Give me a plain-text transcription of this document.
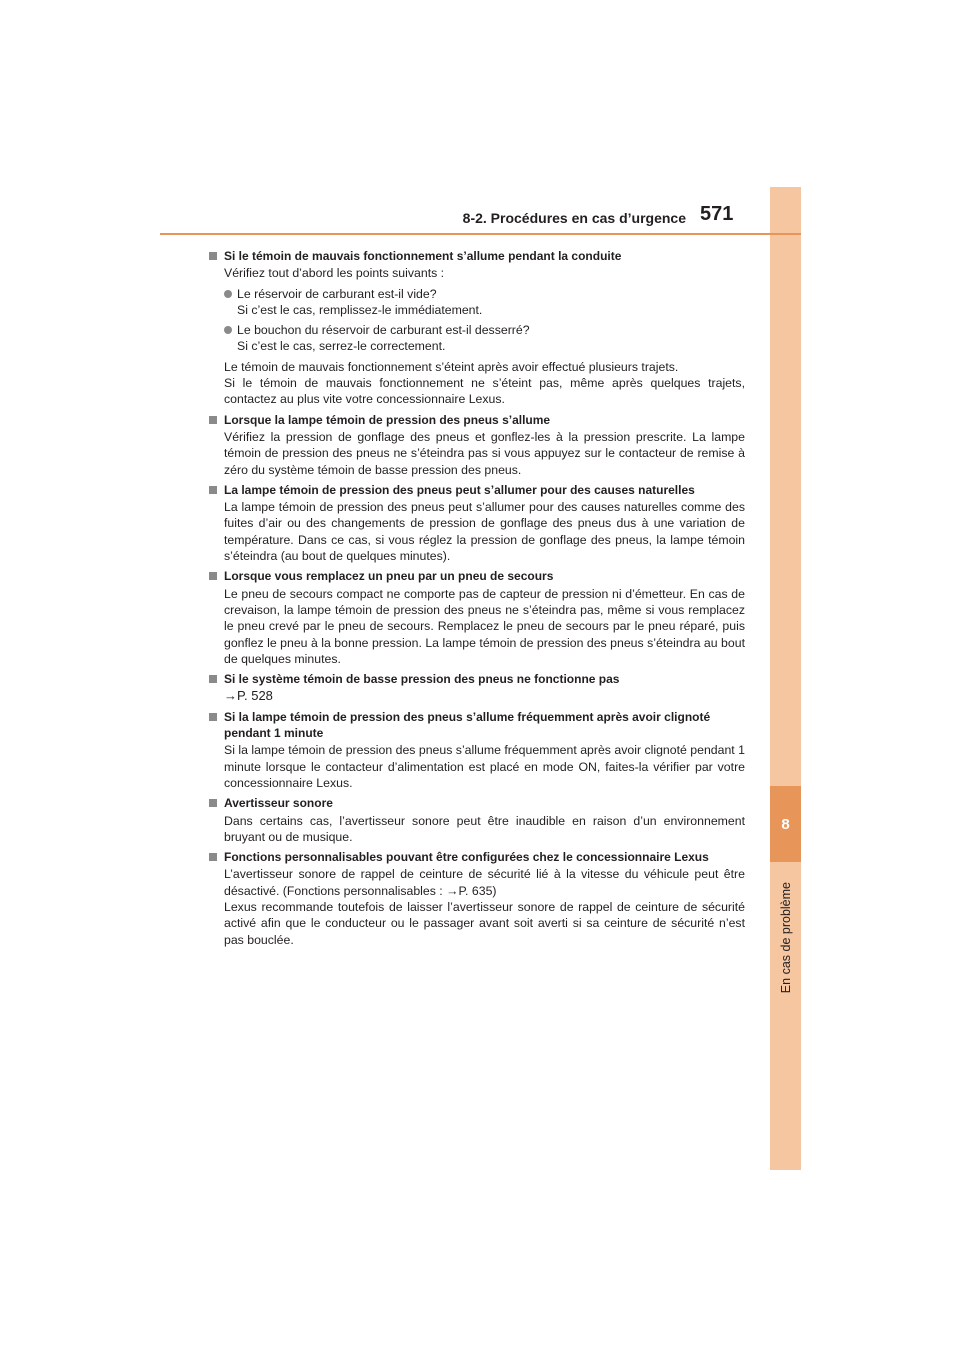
8
En cas de problème
8-2. Procédures en cas d’urgence 571
Si le témoin de mauvais fonctionnement s’allume pendant la conduite

Vérifiez tout d’abord les points suivants :

Le réservoir de carburant est-il vide?
Si c’est le cas, remplissez-le immédiatement.
Le bouchon du réservoir de carburant est-il desserré?
Si c’est le cas, serrez-le correctement.

Le témoin de mauvais fonctionnement s’éteint après avoir effectué plusieurs trajets.

Si le témoin de mauvais fonctionnement ne s’éteint pas, même après quelques trajets, contactez au plus vite votre concessionnaire Lexus.

Lorsque la lampe témoin de pression des pneus s’allume

Vérifiez la pression de gonflage des pneus et gonflez-les à la pression prescrite. La lampe témoin de pression des pneus ne s’éteindra pas si vous appuyez sur le contacteur de remise à zéro du système témoin de basse pression des pneus.

La lampe témoin de pression des pneus peut s’allumer pour des causes naturelles

La lampe témoin de pression des pneus peut s’allumer pour des causes naturelles comme des fuites d’air ou des changements de pression de gonflage des pneus dus à une variation de température. Dans ce cas, si vous réglez la pression de gonflage des pneus, la lampe témoin s’éteindra (au bout de quelques minutes).

Lorsque vous remplacez un pneu par un pneu de secours

Le pneu de secours compact ne comporte pas de capteur de pression ni d’émetteur. En cas de crevaison, la lampe témoin de pression des pneus ne s’éteindra pas, même si vous remplacez le pneu crevé par le pneu de secours. Remplacez le pneu de secours par le pneu réparé, puis gonflez le pneu à la bonne pression. La lampe témoin de pression des pneus s’éteindra au bout de quelques minutes.

Si le système témoin de basse pression des pneus ne fonctionne pas
→P. 528
Si la lampe témoin de pression des pneus s’allume fréquemment après avoir clignoté pendant 1 minute

Si la lampe témoin de pression des pneus s’allume fréquemment après avoir clignoté pendant 1 minute lorsque le contacteur d’alimentation est placé en mode ON, faites-la vérifier par votre concessionnaire Lexus.

Avertisseur sonore

Dans certains cas, l’avertisseur sonore peut être inaudible en raison d’un environnement bruyant ou de musique.

Fonctions personnalisables pouvant être configurées chez le concessionnaire Lexus

L’avertisseur sonore de rappel de ceinture de sécurité lié à la vitesse du véhicule peut être désactivé. (Fonctions personnalisables : →P. 635)

Lexus recommande toutefois de laisser l’avertisseur sonore de rappel de ceinture de sécurité activé afin que le conducteur ou le passager avant soit averti si sa ceinture de sécurité n’est pas bouclée.
